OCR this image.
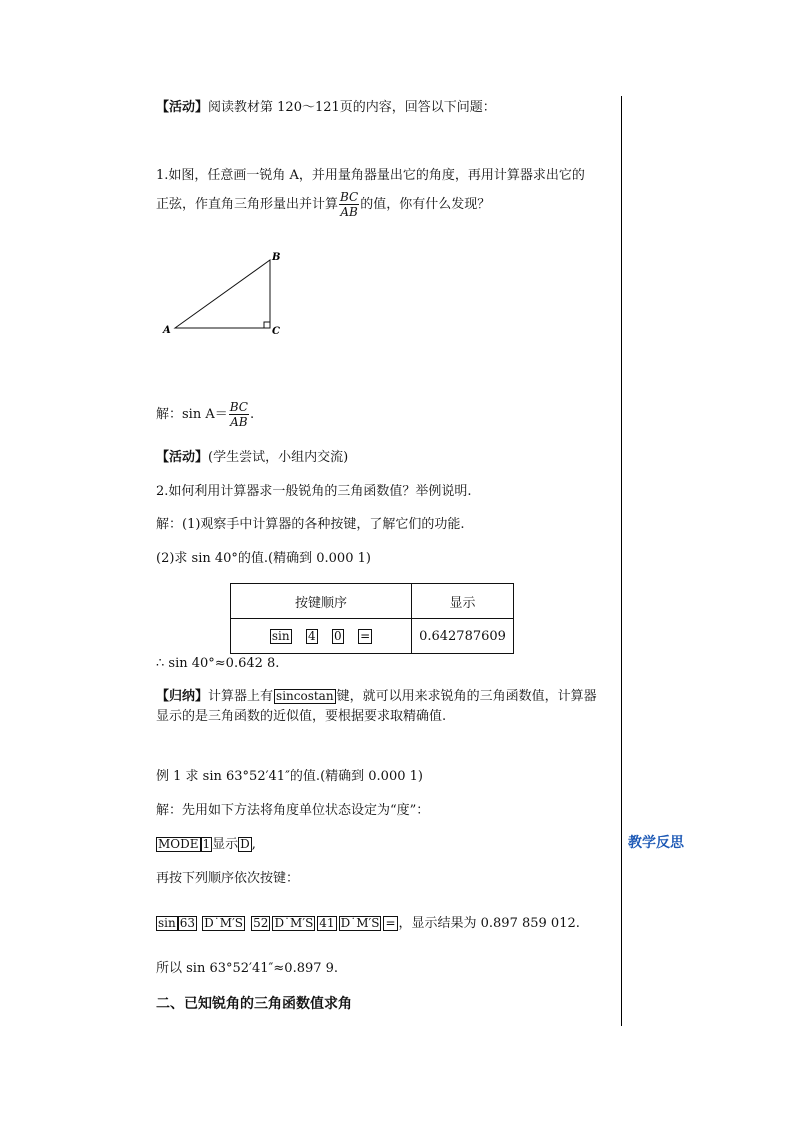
教学反思
【活动】阅读教材第 120～121页的内容，回答以下问题：
1.如图，任意画一锐角 A，并用量角器量出它的角度，再用计算器求出它的
正弦，作直角三角形量出并计算 $\frac{BC}{AB}$ 的值，你有什么发现？
A
B
C
解：$\sin A= \frac{BC}{AB}$ .
【活动】(学生尝试，小组内交流)
2.如何利用计算器求一般锐角的三角函数值？举例说明.
解：(1)观察手中计算器的各种按键，了解它们的功能.
(2)求 sin 40°的值.(精确到 0.000 1)
按键顺序	显示
sin 4 0 =	0.642787609
∴ sin 40°≈0.642 8.
【归纳】计算器上有 sincostan 键，就可以用来求锐角的三角函数值，计算器
显示的是三角函数的近似值，要根据要求取精确值.
例 1 求 sin 63°52′41″的值.(精确到 0.000 1)
解：先用如下方法将角度单位状态设定为“度”：
MODE 1 显示 D ,
再按下列顺序依次按键：
sin 63 D˙M′S 52 D˙M′S 41 D˙M′S = ，显示结果为 0.897 859 012.
所以 sin 63°52′41″≈0.897 9.
二、已知锐角的三角函数值求角
